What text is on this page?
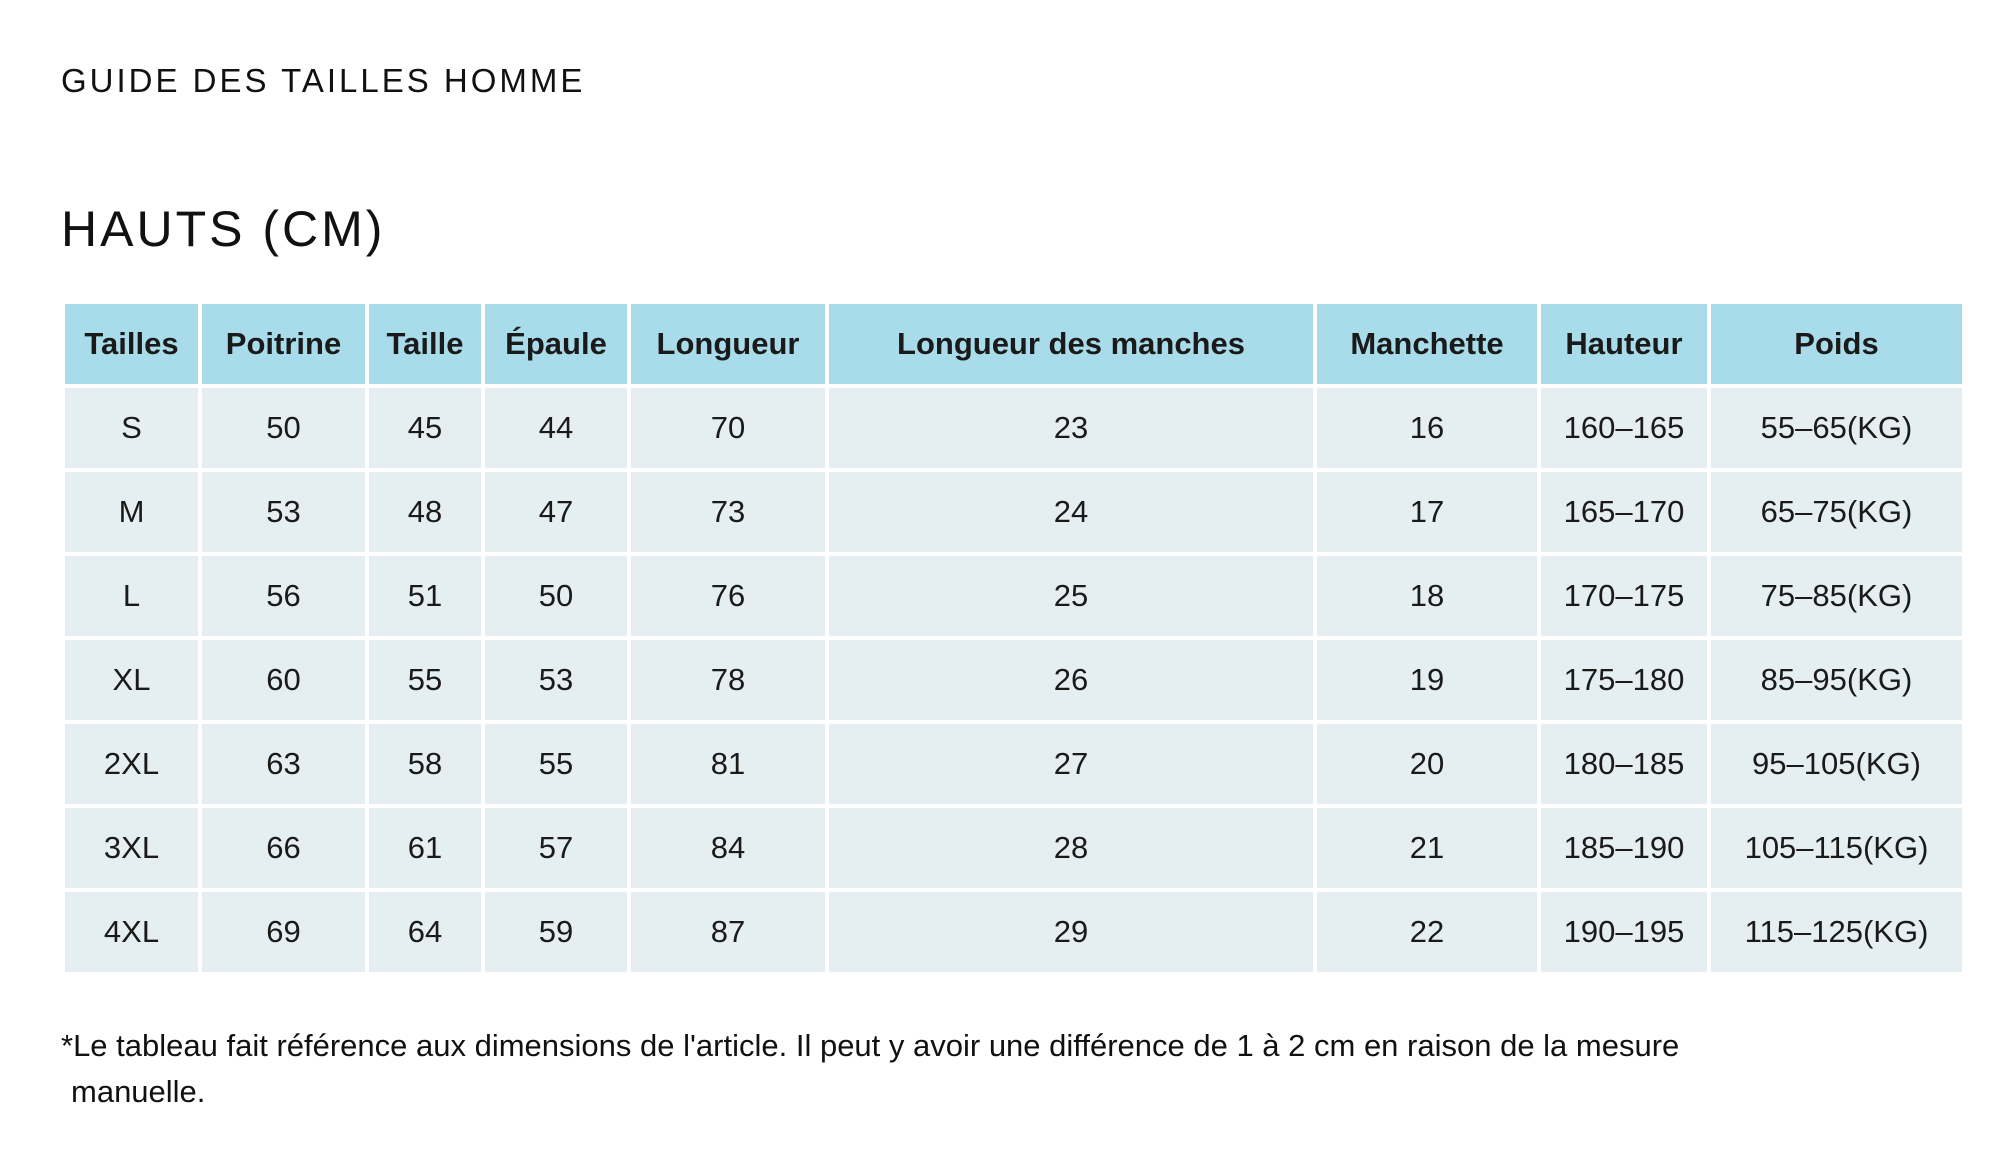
GUIDE DES TAILLES HOMME
HAUTS (CM)
Tailles	Poitrine	Taille	Épaule	Longueur	Longueur des manches	Manchette	Hauteur	Poids
S	50	45	44	70	23	16	160–165	55–65(KG)
M	53	48	47	73	24	17	165–170	65–75(KG)
L	56	51	50	76	25	18	170–175	75–85(KG)
XL	60	55	53	78	26	19	175–180	85–95(KG)
2XL	63	58	55	81	27	20	180–185	95–105(KG)
3XL	66	61	57	84	28	21	185–190	105–115(KG)
4XL	69	64	59	87	29	22	190–195	115–125(KG)

*Le tableau fait référence aux dimensions de l'article. Il peut y avoir une différence de 1 à 2 cm en raison de la mesure
manuelle.
